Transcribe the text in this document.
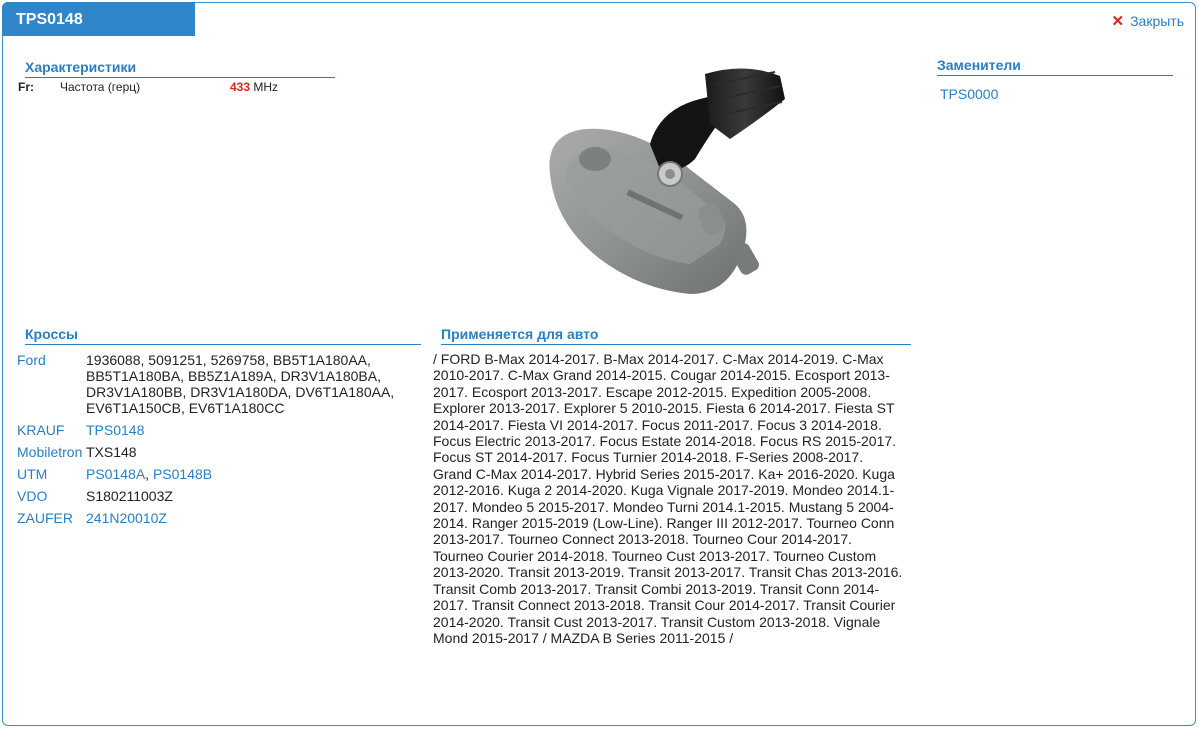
TPS0148	✕ Закрыть
Характеристики
Fr: Частота (герц)	433 MHz
Заменители
TPS0000
Кроссы
Ford	1936088, 5091251, 5269758, BB5T1A180AA, BB5T1A180BA, BB5Z1A189A, DR3V1A180BA, DR3V1A180BB, DR3V1A180DA, DV6T1A180AA, EV6T1A150CB, EV6T1A180CC
KRAUF	TPS0148
Mobiletron TXS148
UTM	PS0148A, PS0148B
VDO	S180211003Z
ZAUFER 241N20010Z
Применяется для авто
/ FORD B-Max 2014-2017. B-Max 2014-2017. C-Max 2014-2019. C-Max 2010-2017. C-Max Grand 2014-2015. Cougar 2014-2015. Ecosport 2013-2017. Ecosport 2013-2017. Escape 2012-2015. Expedition 2005-2008. Explorer 2013-2017. Explorer 5 2010-2015. Fiesta 6 2014-2017. Fiesta ST 2014-2017. Fiesta VI 2014-2017. Focus 2011-2017. Focus 3 2014-2018. Focus Electric 2013-2017. Focus Estate 2014-2018. Focus RS 2015-2017. Focus ST 2014-2017. Focus Turnier 2014-2018. F-Series 2008-2017. Grand C-Max 2014-2017. Hybrid Series 2015-2017. Ka+ 2016-2020. Kuga 2012-2016. Kuga 2 2014-2020. Kuga Vignale 2017-2019. Mondeo 2014.1-2017. Mondeo 5 2015-2017. Mondeo Turni 2014.1-2015. Mustang 5 2004-2014. Ranger 2015-2019 (Low-Line). Ranger III 2012-2017. Tourneo Conn 2013-2017. Tourneo Connect 2013-2018. Tourneo Cour 2014-2017. Tourneo Courier 2014-2018. Tourneo Cust 2013-2017. Tourneo Custom 2013-2020. Transit 2013-2019. Transit 2013-2017. Transit Chas 2013-2016. Transit Comb 2013-2017. Transit Combi 2013-2019. Transit Conn 2014-2017. Transit Connect 2013-2018. Transit Cour 2014-2017. Transit Courier 2014-2020. Transit Cust 2013-2017. Transit Custom 2013-2018. Vignale Mond 2015-2017 / MAZDA B Series 2011-2015 /
